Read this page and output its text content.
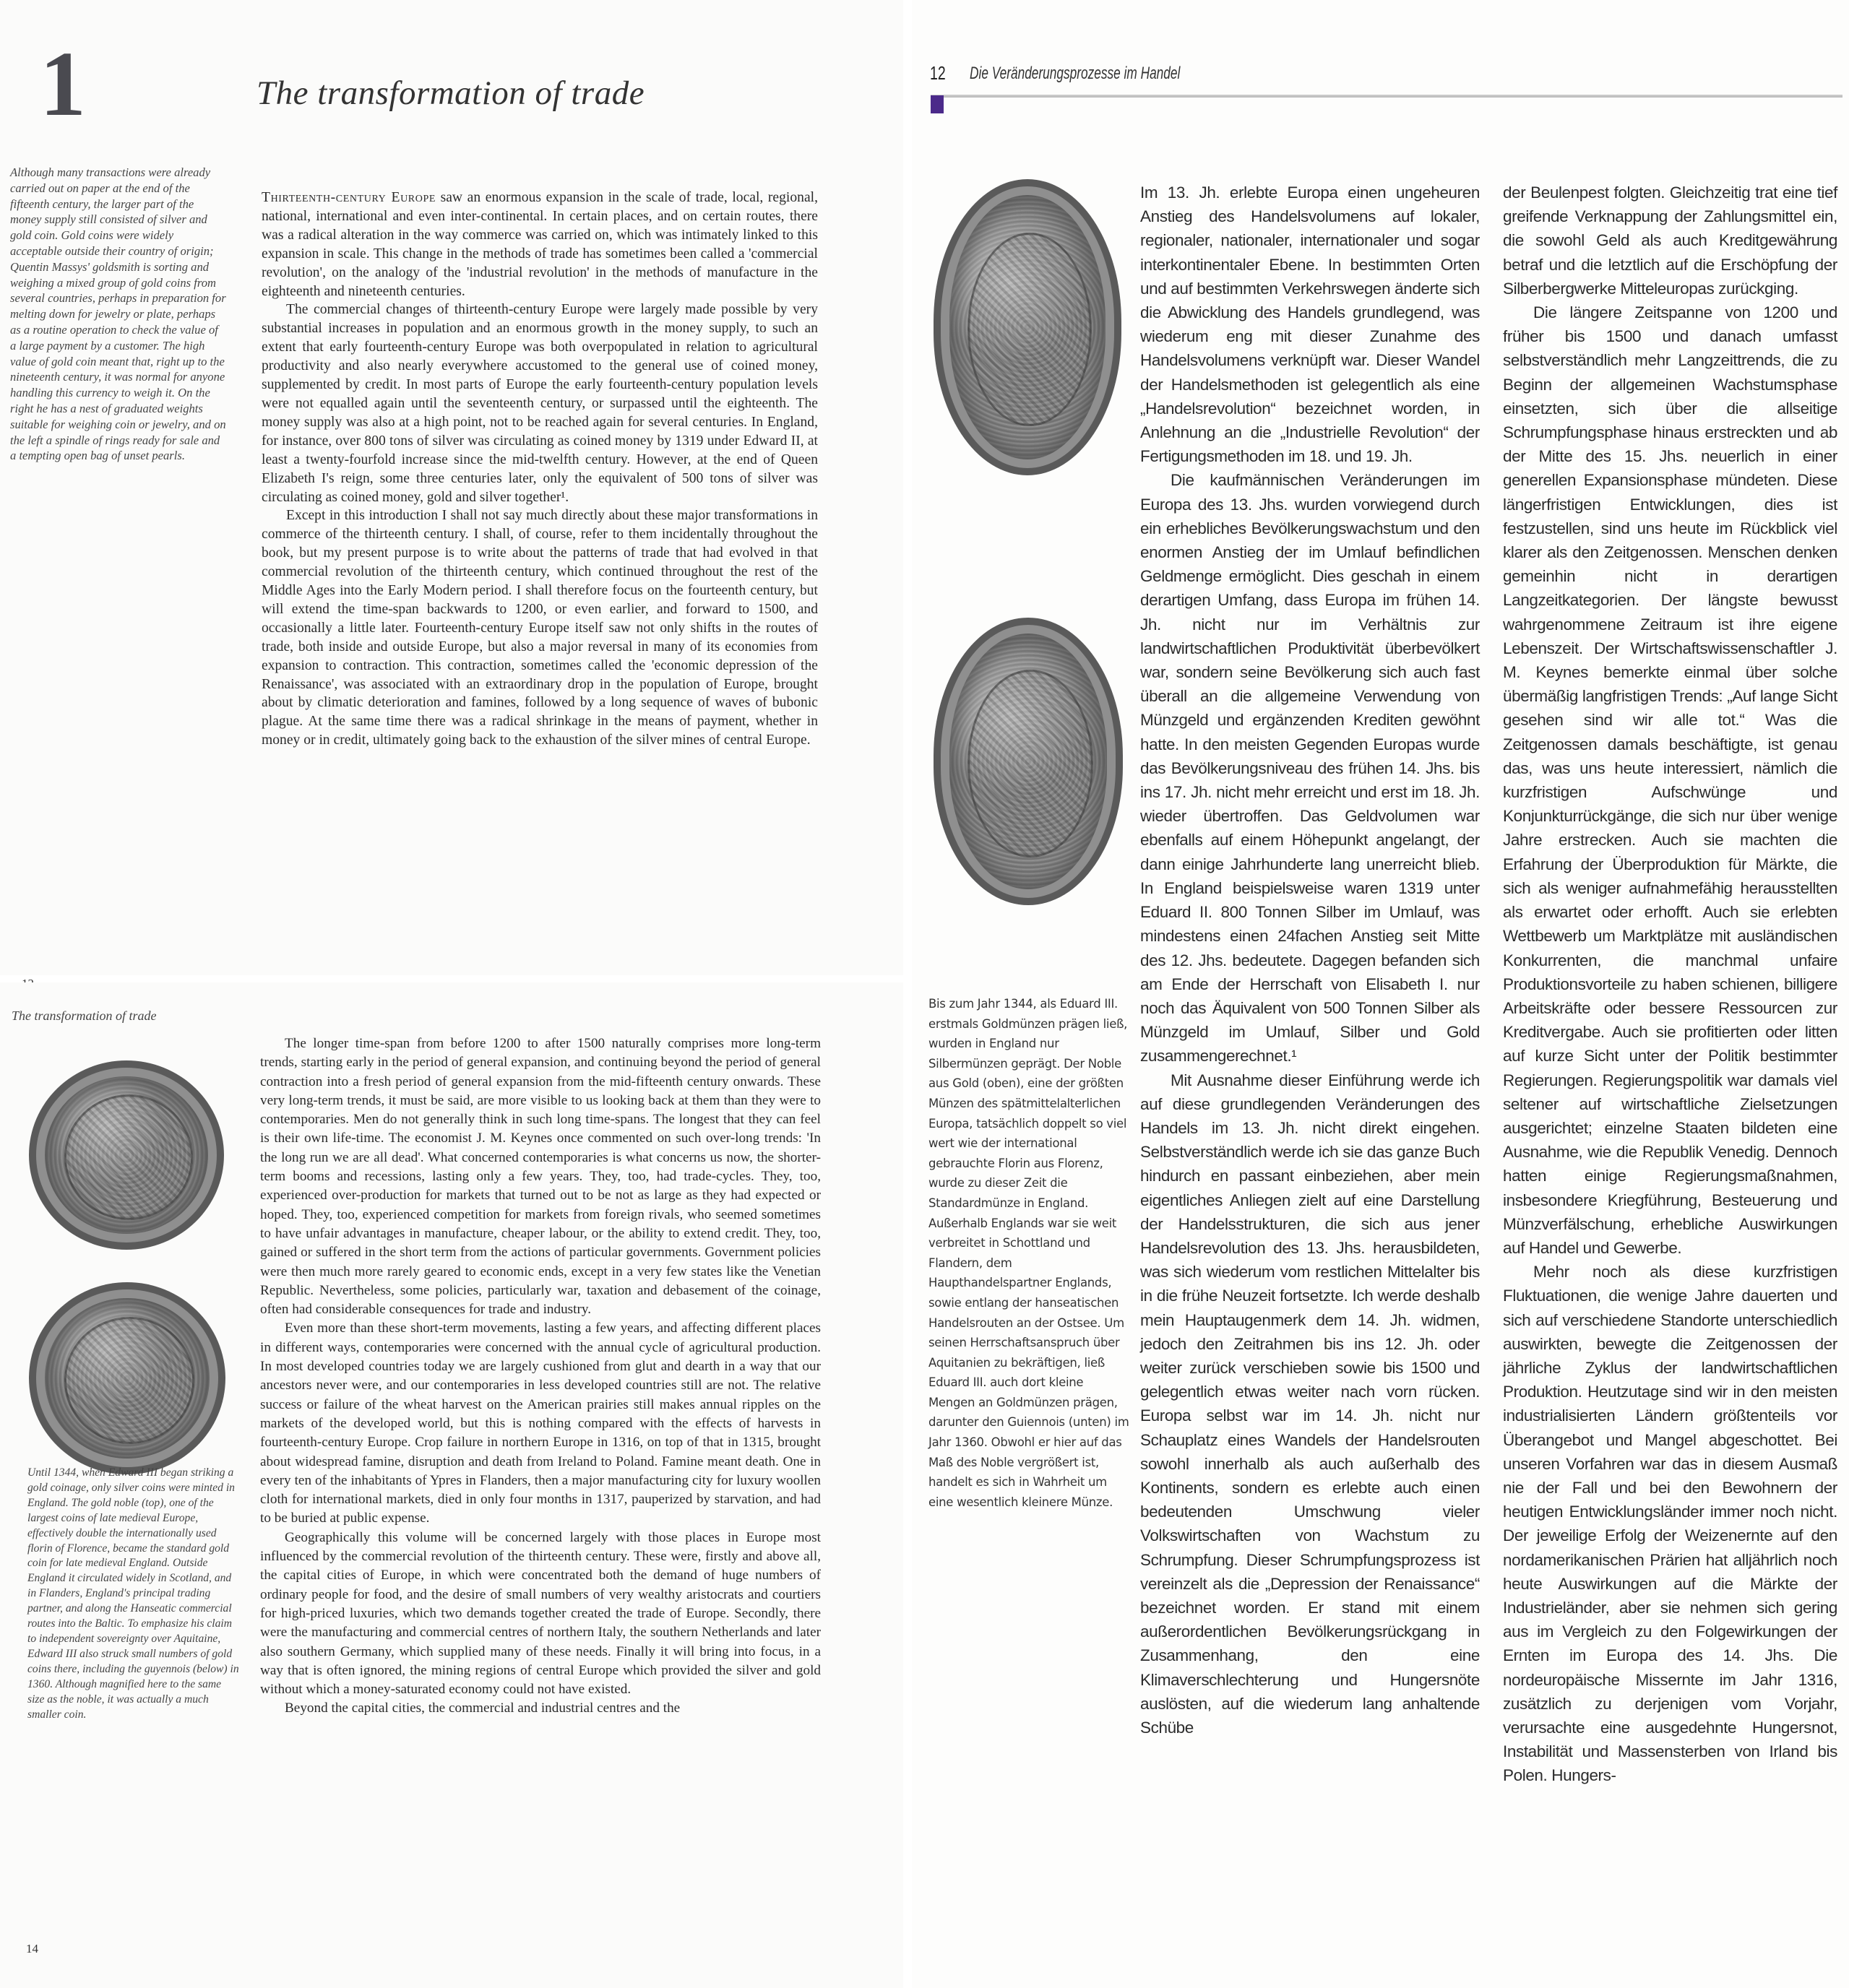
1	The transformation of trade

Although many transactions were already carried out on paper at the end of the fifteenth century, the larger part of the money supply still consisted of silver and gold coin. Gold coins were widely acceptable outside their country of origin; Quentin Massys' goldsmith is sorting and weighing a mixed group of gold coins from several countries, perhaps in preparation for melting down for jewelry or plate, perhaps as a routine operation to check the value of a large payment by a customer. The high value of gold coin meant that, right up to the nineteenth century, it was normal for anyone handling this currency to weigh it. On the right he has a nest of graduated weights suitable for weighing coin or jewelry, and on the left a spindle of rings ready for sale and a tempting open bag of unset pearls.

Thirteenth-century Europe saw an enormous expansion in the scale of trade, local, regional, national, international and even inter-continental. In certain places, and on certain routes, there was a radical alteration in the way commerce was carried on, which was intimately linked to this expansion in scale. This change in the methods of trade has sometimes been called a 'commercial revolution', on the analogy of the 'industrial revolution' in the methods of manufacture in the eighteenth and nineteenth centuries.

The commercial changes of thirteenth-century Europe were largely made possible by very substantial increases in population and an enormous growth in the money supply, to such an extent that early fourteenth-century Europe was both overpopulated in relation to agricultural productivity and also nearly everywhere accustomed to the general use of coined money, supplemented by credit. In most parts of Europe the early fourteenth-century population levels were not equalled again until the seventeenth century, or surpassed until the eighteenth. The money supply was also at a high point, not to be reached again for several centuries. In England, for instance, over 800 tons of silver was circulating as coined money by 1319 under Edward II, at least a twenty-fourfold increase since the mid-twelfth century. However, at the end of Queen Elizabeth I's reign, some three centuries later, only the equivalent of 500 tons of silver was circulating as coined money, gold and silver together¹.

Except in this introduction I shall not say much directly about these major transformations in commerce of the thirteenth century. I shall, of course, refer to them incidentally throughout the book, but my present purpose is to write about the patterns of trade that had evolved in that commercial revolution of the thirteenth century, which continued throughout the rest of the Middle Ages into the Early Modern period. I shall therefore focus on the fourteenth century, but will extend the time-span backwards to 1200, or even earlier, and forward to 1500, and occasionally a little later. Fourteenth-century Europe itself saw not only shifts in the routes of trade, both inside and outside Europe, but also a major reversal in many of its economies from expansion to contraction. This contraction, sometimes called the 'economic depression of the Renaissance', was associated with an extraordinary drop in the population of Europe, brought about by climatic deterioration and famines, followed by a long sequence of waves of bubonic plague. At the same time there was a radical shrinkage in the means of payment, whether in money or in credit, ultimately going back to the exhaustion of the silver mines of central Europe.

The transformation of trade

Until 1344, when Edward III began striking a gold coinage, only silver coins were minted in England. The gold noble (top), one of the largest coins of late medieval Europe, effectively double the internationally used florin of Florence, became the standard gold coin for late medieval England. Outside England it circulated widely in Scotland, and in Flanders, England's principal trading partner, and along the Hanseatic commercial routes into the Baltic. To emphasize his claim to independent sovereignty over Aquitaine, Edward III also struck small numbers of gold coins there, including the guyennois (below) in 1360. Although magnified here to the same size as the noble, it was actually a much smaller coin.

The longer time-span from before 1200 to after 1500 naturally comprises more long-term trends, starting early in the period of general expansion, and continuing beyond the period of general contraction into a fresh period of general expansion from the mid-fifteenth century onwards. These very long-term trends, it must be said, are more visible to us looking back at them than they were to contemporaries. Men do not generally think in such long time-spans. The longest that they can feel is their own life-time. The economist J. M. Keynes once commented on such over-long trends: 'In the long run we are all dead'. What concerned contemporaries is what concerns us now, the shorter-term booms and recessions, lasting only a few years. They, too, had trade-cycles. They, too, experienced over-production for markets that turned out to be not as large as they had expected or hoped. They, too, experienced competition for markets from foreign rivals, who seemed sometimes to have unfair advantages in manufacture, cheaper labour, or the ability to extend credit. They, too, gained or suffered in the short term from the actions of particular governments. Government policies were then much more rarely geared to economic ends, except in a very few states like the Venetian Republic. Nevertheless, some policies, particularly war, taxation and debasement of the coinage, often had considerable consequences for trade and industry.

Even more than these short-term movements, lasting a few years, and affecting different places in different ways, contemporaries were concerned with the annual cycle of agricultural production. In most developed countries today we are largely cushioned from glut and dearth in a way that our ancestors never were, and our contemporaries in less developed countries still are not. The relative success or failure of the wheat harvest on the American prairies still makes annual ripples on the markets of the developed world, but this is nothing compared with the effects of harvests in fourteenth-century Europe. Crop failure in northern Europe in 1316, on top of that in 1315, brought about widespread famine, disruption and death from Ireland to Poland. Famine meant death. One in every ten of the inhabitants of Ypres in Flanders, then a major manufacturing city for luxury woollen cloth for international markets, died in only four months in 1317, pauperized by starvation, and had to be buried at public expense.

Geographically this volume will be concerned largely with those places in Europe most influenced by the commercial revolution of the thirteenth century. These were, firstly and above all, the capital cities of Europe, in which were concentrated both the demand of huge numbers of ordinary people for food, and the desire of small numbers of very wealthy aristocrats and courtiers for high-priced luxuries, which two demands together created the trade of Europe. Secondly, there were the manufacturing and commercial centres of northern Italy, the southern Netherlands and later also southern Germany, which supplied many of these needs. Finally it will bring into focus, in a way that is often ignored, the mining regions of central Europe which provided the silver and gold without which a money-saturated economy could not have existed.

Beyond the capital cities, the commercial and industrial centres and the

14
12 Die Veränderungsprozesse im Handel

Bis zum Jahr 1344, als Eduard III. erstmals Goldmünzen prägen ließ, wurden in England nur Silbermünzen geprägt. Der Noble aus Gold (oben), eine der größten Münzen des spätmittelalterlichen Europa, tatsächlich doppelt so viel wert wie der international gebrauchte Florin aus Florenz, wurde zu dieser Zeit die Standardmünze in England. Außerhalb Englands war sie weit verbreitet in Schottland und Flandern, dem Haupthandelspartner Englands, sowie entlang der hanseatischen Handelsrouten an der Ostsee. Um seinen Herrschaftsanspruch über Aquitanien zu bekräftigen, ließ Eduard III. auch dort kleine Mengen an Goldmünzen prägen, darunter den Guiennois (unten) im Jahr 1360. Obwohl er hier auf das Maß des Noble vergrößert ist, handelt es sich in Wahrheit um eine wesentlich kleinere Münze.

Im 13. Jh. erlebte Europa einen ungeheuren Anstieg des Handelsvolumens auf lokaler, regionaler, nationaler, internationaler und sogar interkontinentaler Ebene. In bestimmten Orten und auf bestimmten Verkehrswegen änderte sich die Abwicklung des Handels grundlegend, was wiederum eng mit dieser Zunahme des Handelsvolumens verknüpft war. Dieser Wandel der Handelsmethoden ist gelegentlich als eine „Handelsrevolution“ bezeichnet worden, in Anlehnung an die „Industrielle Revolution“ der Fertigungsmethoden im 18. und 19. Jh.

Die kaufmännischen Veränderungen im Europa des 13. Jhs. wurden vorwiegend durch ein erhebliches Bevölkerungswachstum und den enormen Anstieg der im Umlauf befindlichen Geldmenge ermöglicht. Dies geschah in einem derartigen Umfang, dass Europa im frühen 14. Jh. nicht nur im Verhältnis zur landwirtschaftlichen Produktivität überbevölkert war, sondern seine Bevölkerung sich auch fast überall an die allgemeine Verwendung von Münzgeld und ergänzenden Krediten gewöhnt hatte. In den meisten Gegenden Europas wurde das Bevölkerungsniveau des frühen 14. Jhs. bis ins 17. Jh. nicht mehr erreicht und erst im 18. Jh. wieder übertroffen. Das Geldvolumen war ebenfalls auf einem Höhepunkt angelangt, der dann einige Jahrhunderte lang unerreicht blieb. In England beispielsweise waren 1319 unter Eduard II. 800 Tonnen Silber im Umlauf, was mindestens einen 24fachen Anstieg seit Mitte des 12. Jhs. bedeutete. Dagegen befanden sich am Ende der Herrschaft von Elisabeth I. nur noch das Äquivalent von 500 Tonnen Silber als Münzgeld im Umlauf, Silber und Gold zusammengerechnet.¹

Mit Ausnahme dieser Einführung werde ich auf diese grundlegenden Veränderungen des Handels im 13. Jh. nicht direkt eingehen. Selbstverständlich werde ich sie das ganze Buch hindurch en passant einbeziehen, aber mein eigentliches Anliegen zielt auf eine Darstellung der Handelsstrukturen, die sich aus jener Handelsrevolution des 13. Jhs. herausbildeten, was sich wiederum vom restlichen Mittelalter bis in die frühe Neuzeit fortsetzte. Ich werde deshalb mein Hauptaugenmerk dem 14. Jh. widmen, jedoch den Zeitrahmen bis ins 12. Jh. oder weiter zurück verschieben sowie bis 1500 und gelegentlich etwas weiter nach vorn rücken. Europa selbst war im 14. Jh. nicht nur Schauplatz eines Wandels der Handelsrouten sowohl innerhalb als auch außerhalb des Kontinents, sondern es erlebte auch einen bedeutenden Umschwung vieler Volkswirtschaften von Wachstum zu Schrumpfung. Dieser Schrumpfungsprozess ist vereinzelt als die „Depression der Renaissance“ bezeichnet worden. Er stand mit einem außerordentlichen Bevölkerungsrückgang in Zusammenhang, den eine Klimaverschlechterung und Hungersnöte auslösten, auf die wiederum lang anhaltende Schübe

der Beulenpest folgten. Gleichzeitig trat eine tief greifende Verknappung der Zahlungsmittel ein, die sowohl Geld als auch Kreditgewährung betraf und die letztlich auf die Erschöpfung der Silberbergwerke Mitteleuropas zurückging.

Die längere Zeitspanne von 1200 und früher bis 1500 und danach umfasst selbstverständlich mehr Langzeittrends, die zu Beginn der allgemeinen Wachstumsphase einsetzten, sich über die allseitige Schrumpfungsphase hinaus erstreckten und ab der Mitte des 15. Jhs. neuerlich in einer generellen Expansionsphase mündeten. Diese längerfristigen Entwicklungen, dies ist festzustellen, sind uns heute im Rückblick viel klarer als den Zeitgenossen. Menschen denken gemeinhin nicht in derartigen Langzeitkategorien. Der längste bewusst wahrgenommene Zeitraum ist ihre eigene Lebenszeit. Der Wirtschaftswissenschaftler J. M. Keynes bemerkte einmal über solche übermäßig langfristigen Trends: „Auf lange Sicht gesehen sind wir alle tot.“ Was die Zeitgenossen damals beschäftigte, ist genau das, was uns heute interessiert, nämlich die kurzfristigen Aufschwünge und Konjunkturrückgänge, die sich nur über wenige Jahre erstrecken. Auch sie machten die Erfahrung der Überproduktion für Märkte, die sich als weniger aufnahmefähig herausstellten als erwartet oder erhofft. Auch sie erlebten Wettbewerb um Marktplätze mit ausländischen Konkurrenten, die manchmal unfaire Produktionsvorteile zu haben schienen, billigere Arbeitskräfte oder bessere Ressourcen zur Kreditvergabe. Auch sie profitierten oder litten auf kurze Sicht unter der Politik bestimmter Regierungen. Regierungspolitik war damals viel seltener auf wirtschaftliche Zielsetzungen ausgerichtet; einzelne Staaten bildeten eine Ausnahme, wie die Republik Venedig. Dennoch hatten einige Regierungsmaßnahmen, insbesondere Kriegführung, Besteuerung und Münzverfälschung, erhebliche Auswirkungen auf Handel und Gewerbe.

Mehr noch als diese kurzfristigen Fluktuationen, die wenige Jahre dauerten und sich auf verschiedene Standorte unterschiedlich auswirkten, bewegte die Zeitgenossen der jährliche Zyklus der landwirtschaftlichen Produktion. Heutzutage sind wir in den meisten industrialisierten Ländern größtenteils vor Überangebot und Mangel abgeschottet. Bei unseren Vorfahren war das in diesem Ausmaß nie der Fall und bei den Bewohnern der heutigen Entwicklungsländer immer noch nicht. Der jeweilige Erfolg der Weizenernte auf den nordamerikanischen Prärien hat alljährlich noch heute Auswirkungen auf die Märkte der Industrieländer, aber sie nehmen sich gering aus im Vergleich zu den Folgewirkungen der Ernten im Europa des 14. Jhs. Die nordeuropäische Missernte im Jahr 1316, zusätzlich zu derjenigen vom Vorjahr, verursachte eine ausgedehnte Hungersnot, Instabilität und Massensterben von Irland bis Polen. Hungers-
